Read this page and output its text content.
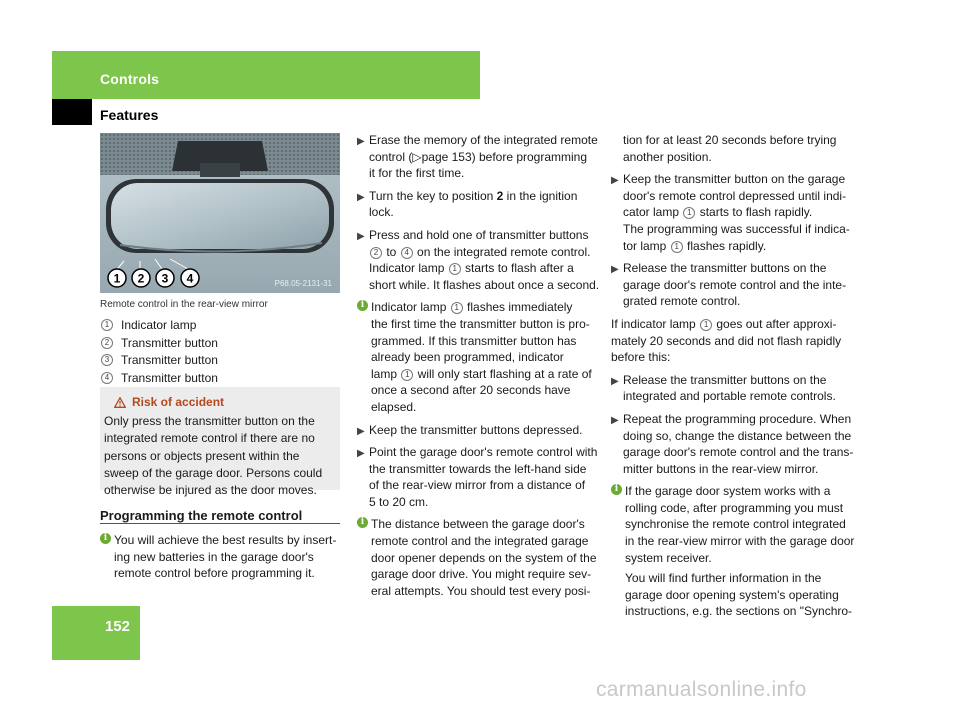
Controls
Features
152
1 2 3 4	P68.05-2131-31
Remote control in the rear-view mirror
1 Indicator lamp
2 Transmitter button
3 Transmitter button
4 Transmitter button
Risk of accident
Only press the transmitter button on the
integrated remote control if there are no
persons or objects present within the
sweep of the garage door. Persons could
otherwise be injured as the door moves.
Programming the remote control
i You will achieve the best results by insert-
ing new batteries in the garage door's
remote control before programming it.
▶ Erase the memory of the integrated remote
control (▷page 153) before programming
it for the first time.
▶ Turn the key to position 2 in the ignition
lock.
▶ Press and hold one of transmitter buttons
2 to 4 on the integrated remote control.
Indicator lamp 1 starts to flash after a
short while. It flashes about once a second.
i Indicator lamp 1 flashes immediately
the first time the transmitter button is pro-
grammed. If this transmitter button has
already been programmed, indicator
lamp 1 will only start flashing at a rate of
once a second after 20 seconds have
elapsed.
▶ Keep the transmitter buttons depressed.
▶ Point the garage door's remote control with
the transmitter towards the left-hand side
of the rear-view mirror from a distance of
5 to 20 cm.
i The distance between the garage door's
remote control and the integrated garage
door opener depends on the system of the
garage door drive. You might require sev-
eral attempts. You should test every posi-
tion for at least 20 seconds before trying
another position.
▶ Keep the transmitter button on the garage
door's remote control depressed until indi-
cator lamp 1 starts to flash rapidly.
The programming was successful if indica-
tor lamp 1 flashes rapidly.
▶ Release the transmitter buttons on the
garage door's remote control and the inte-
grated remote control.
If indicator lamp 1 goes out after approxi-
mately 20 seconds and did not flash rapidly
before this:
▶ Release the transmitter buttons on the
integrated and portable remote controls.
▶ Repeat the programming procedure. When
doing so, change the distance between the
garage door's remote control and the trans-
mitter buttons in the rear-view mirror.
i If the garage door system works with a
rolling code, after programming you must
synchronise the remote control integrated
in the rear-view mirror with the garage door
system receiver.
You will find further information in the
garage door opening system's operating
instructions, e.g. the sections on "Synchro-
carmanualsonline.info
